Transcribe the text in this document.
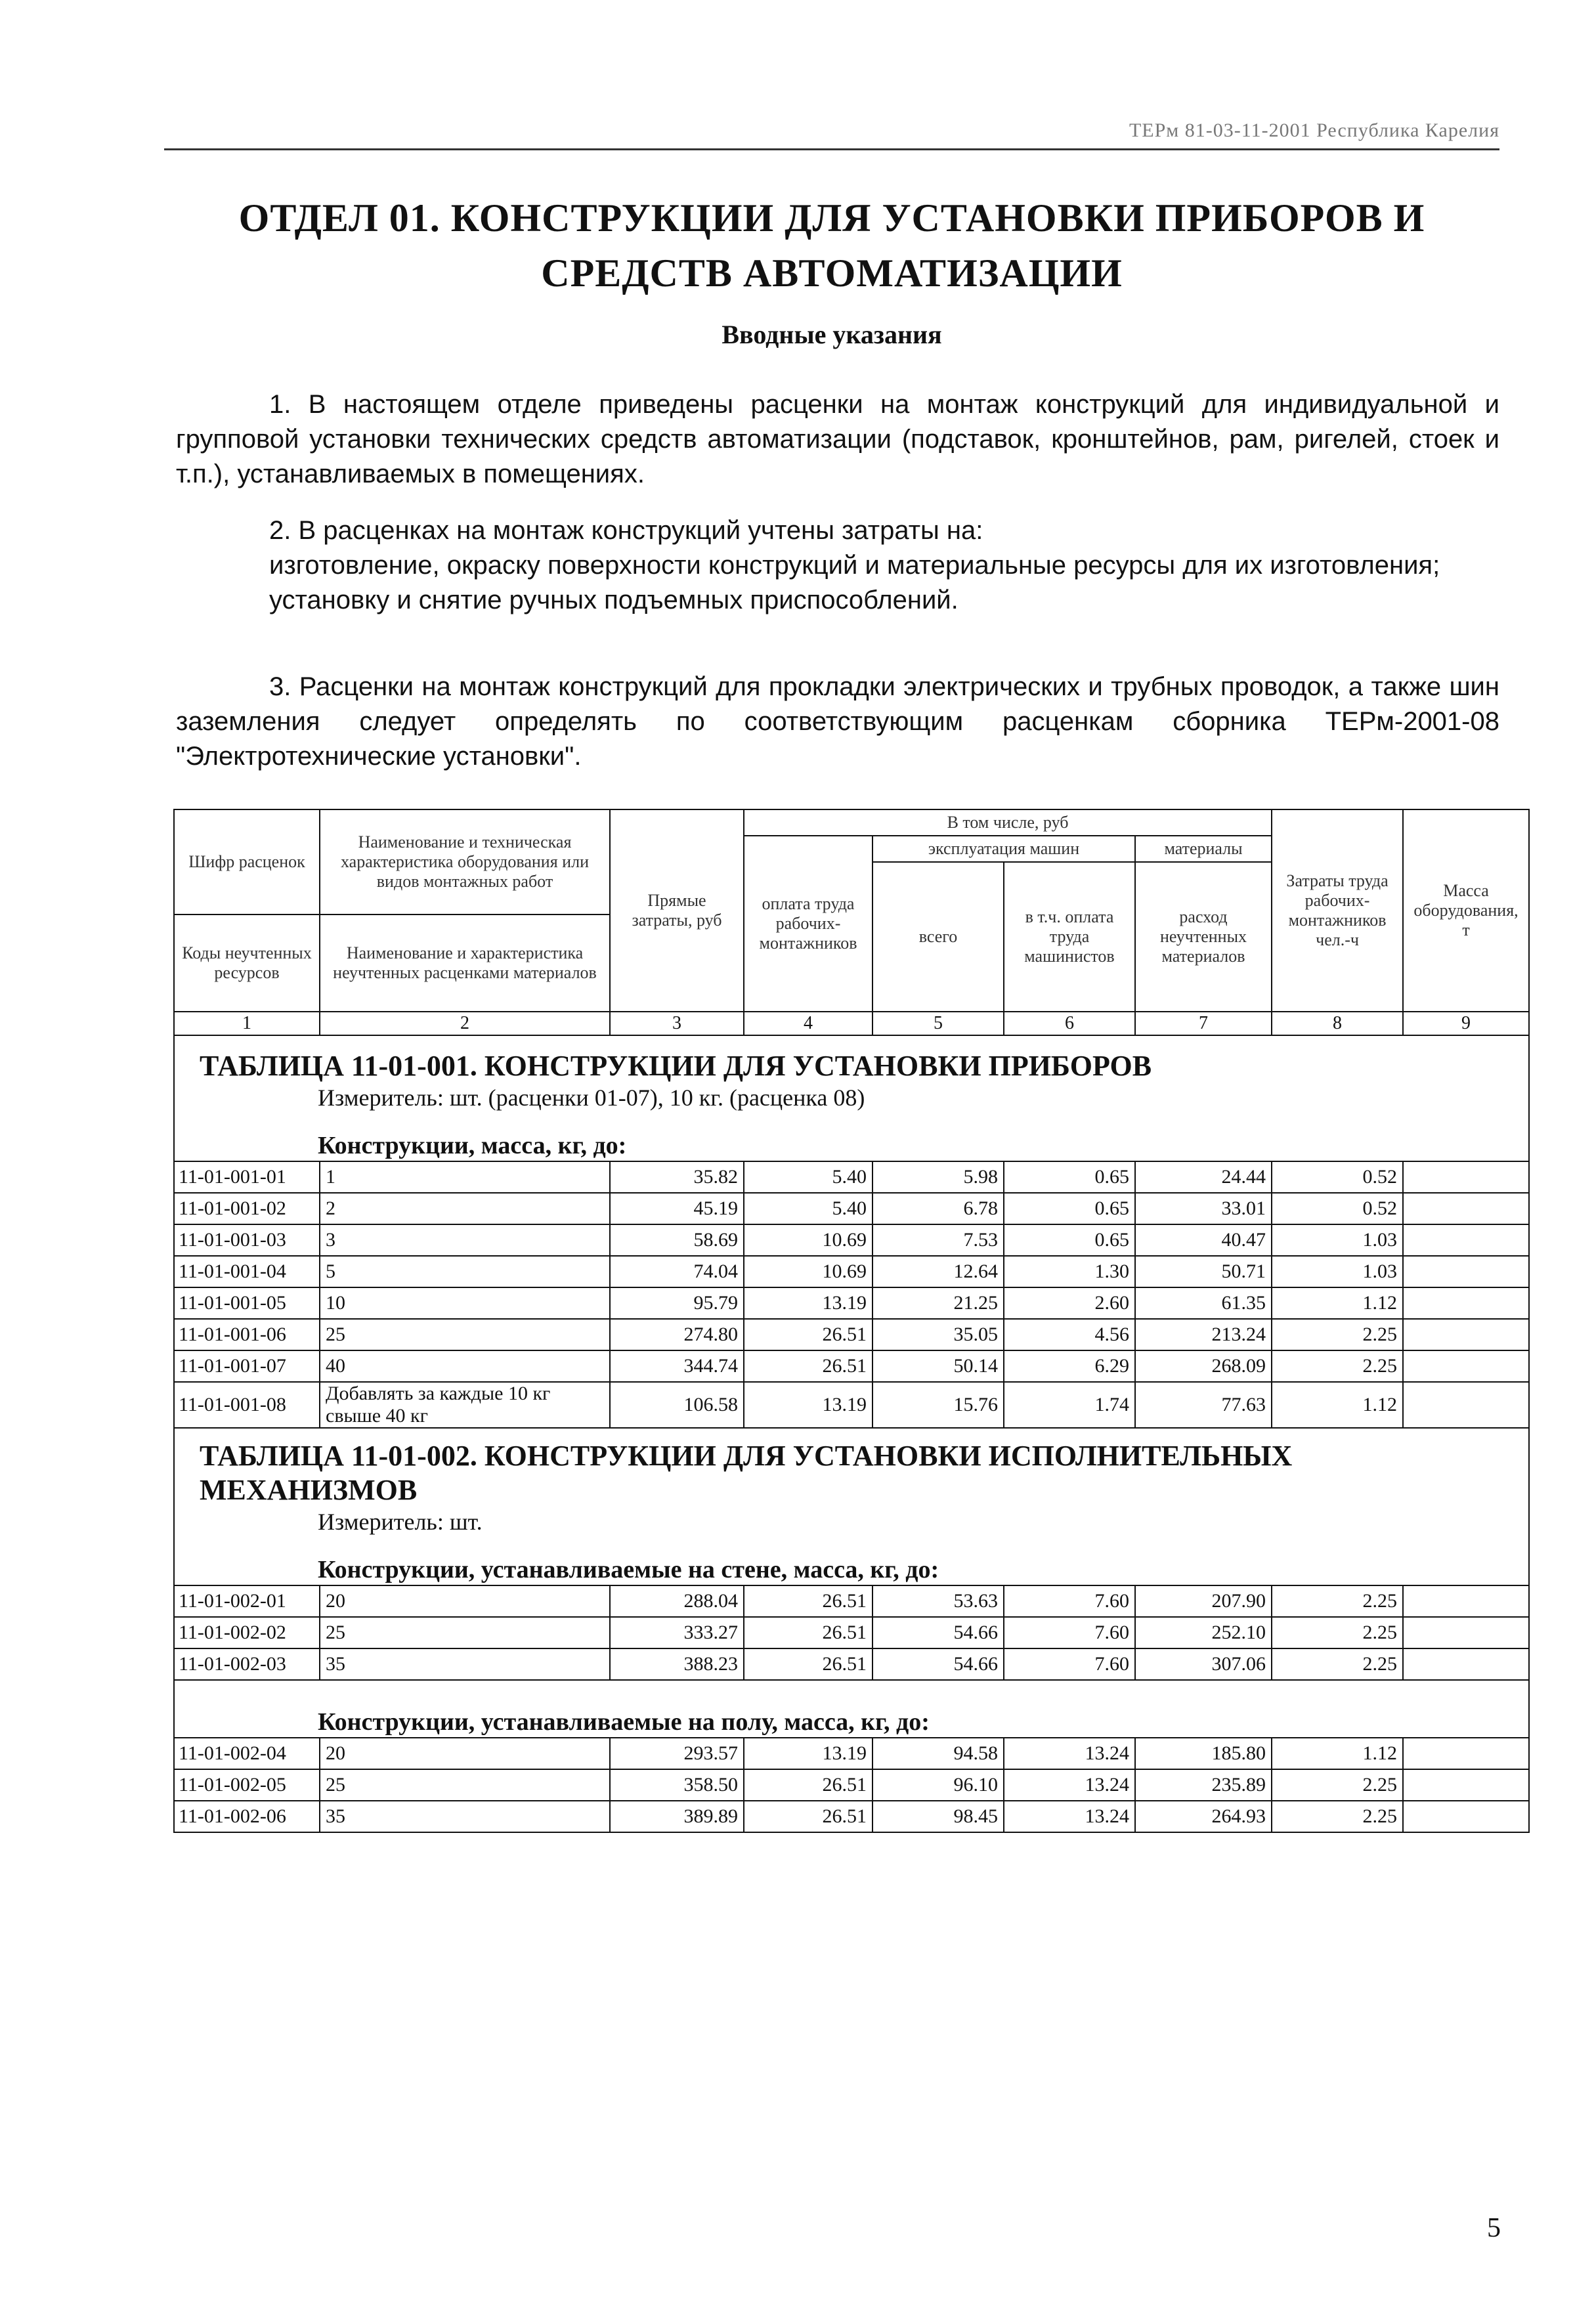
ТЕРм 81-03-11-2001 Республика Карелия
ОТДЕЛ 01. КОНСТРУКЦИИ ДЛЯ УСТАНОВКИ ПРИБОРОВ И
СРЕДСТВ АВТОМАТИЗАЦИИ
Вводные указания

1. В настоящем отделе приведены расценки на монтаж конструкций для индивидуальной и групповой установки технических средств автоматизации (подставок, кронштейнов, рам, ригелей, стоек и т.п.), устанавливаемых в помещениях.

2. В расценках на монтаж конструкций учтены затраты на:

изготовление, окраску поверхности конструкций и материальные ресурсы для их изготовления;

установку и снятие ручных подъемных приспособлений.

3. Расценки на монтаж конструкций для прокладки электрических и трубных проводок, а также шин заземления следует определять по соответствующим расценкам сборника ТЕРм-2001-08 "Электротехнические установки".

Шифр расценок	Наименование и техническая характеристика оборудования или видов монтажных работ	Прямые затраты, руб	В том числе, руб				Затраты труда рабочих-монтажников чел.-ч	Масса оборудования, т
			оплата труда рабочих-монтажников	эксплуатация машин		материалы		
				всего	в т.ч. оплата труда машинистов	расход неучтенных материалов		
Коды неучтенных ресурсов	Наименование и характеристика неучтенных расценками материалов							

1	2	3	4	5	6	7	8	9

ТАБЛИЦА 11-01-001. КОНСТРУКЦИИ ДЛЯ УСТАНОВКИ ПРИБОРОВ
Измеритель: шт. (расценки 01-07), 10 кг. (расценка 08)								

Конструкции, масса, кг, до:								

11-01-001-01	1	35.82	5.40	5.98	0.65	24.44	0.52	
11-01-001-02	2	45.19	5.40	6.78	0.65	33.01	0.52	
11-01-001-03	3	58.69	10.69	7.53	0.65	40.47	1.03	
11-01-001-04	5	74.04	10.69	12.64	1.30	50.71	1.03	
11-01-001-05	10	95.79	13.19	21.25	2.60	61.35	1.12	
11-01-001-06	25	274.80	26.51	35.05	4.56	213.24	2.25	
11-01-001-07	40	344.74	26.51	50.14	6.29	268.09	2.25	
11-01-001-08	Добавлять за каждые 10 кг свыше 40 кг	106.58	13.19	15.76	1.74	77.63	1.12	

ТАБЛИЦА 11-01-002. КОНСТРУКЦИИ ДЛЯ УСТАНОВКИ ИСПОЛНИТЕЛЬНЫХ МЕХАНИЗМОВ
Измеритель: шт.								

Конструкции, устанавливаемые на стене, масса, кг, до:								

11-01-002-01	20	288.04	26.51	53.63	7.60	207.90	2.25	
11-01-002-02	25	333.27	26.51	54.66	7.60	252.10	2.25	
11-01-002-03	35	388.23	26.51	54.66	7.60	307.06	2.25	

Конструкции, устанавливаемые на полу, масса, кг, до:								

11-01-002-04	20	293.57	13.19	94.58	13.24	185.80	1.12	
11-01-002-05	25	358.50	26.51	96.10	13.24	235.89	2.25	
11-01-002-06	35	389.89	26.51	98.45	13.24	264.93	2.25	
5
